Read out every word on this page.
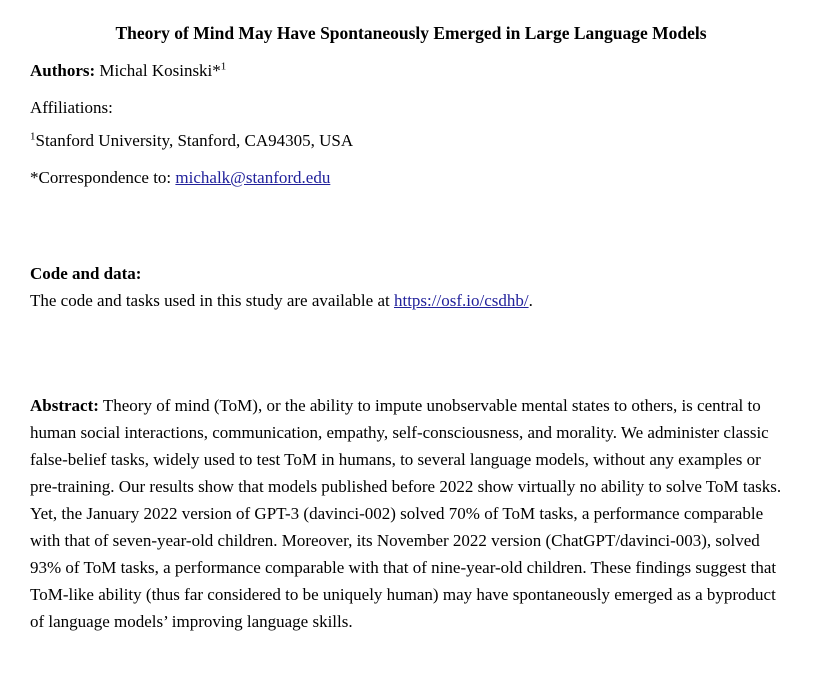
Theory of Mind May Have Spontaneously Emerged in Large Language Models

Authors: Michal Kosinski*$^1$

Affiliations:

$^1$Stanford University, Stanford, CA94305, USA

*Correspondence to: michalk@stanford.edu

Code and data:

The code and tasks used in this study are available at https://osf.io/csdhb/.

Abstract: Theory of mind (ToM), or the ability to impute unobservable mental states to others, is central to human social interactions, communication, empathy, self-consciousness, and morality. We administer classic false-belief tasks, widely used to test ToM in humans, to several language models, without any examples or pre-training. Our results show that models published before 2022 show virtually no ability to solve ToM tasks. Yet, the January 2022 version of GPT-3 (davinci-002) solved 70% of ToM tasks, a performance comparable with that of seven-year-old children. Moreover, its November 2022 version (ChatGPT/davinci-003), solved 93% of ToM tasks, a performance comparable with that of nine-year-old children. These findings suggest that ToM-like ability (thus far considered to be uniquely human) may have spontaneously emerged as a byproduct of language models’ improving language skills.
